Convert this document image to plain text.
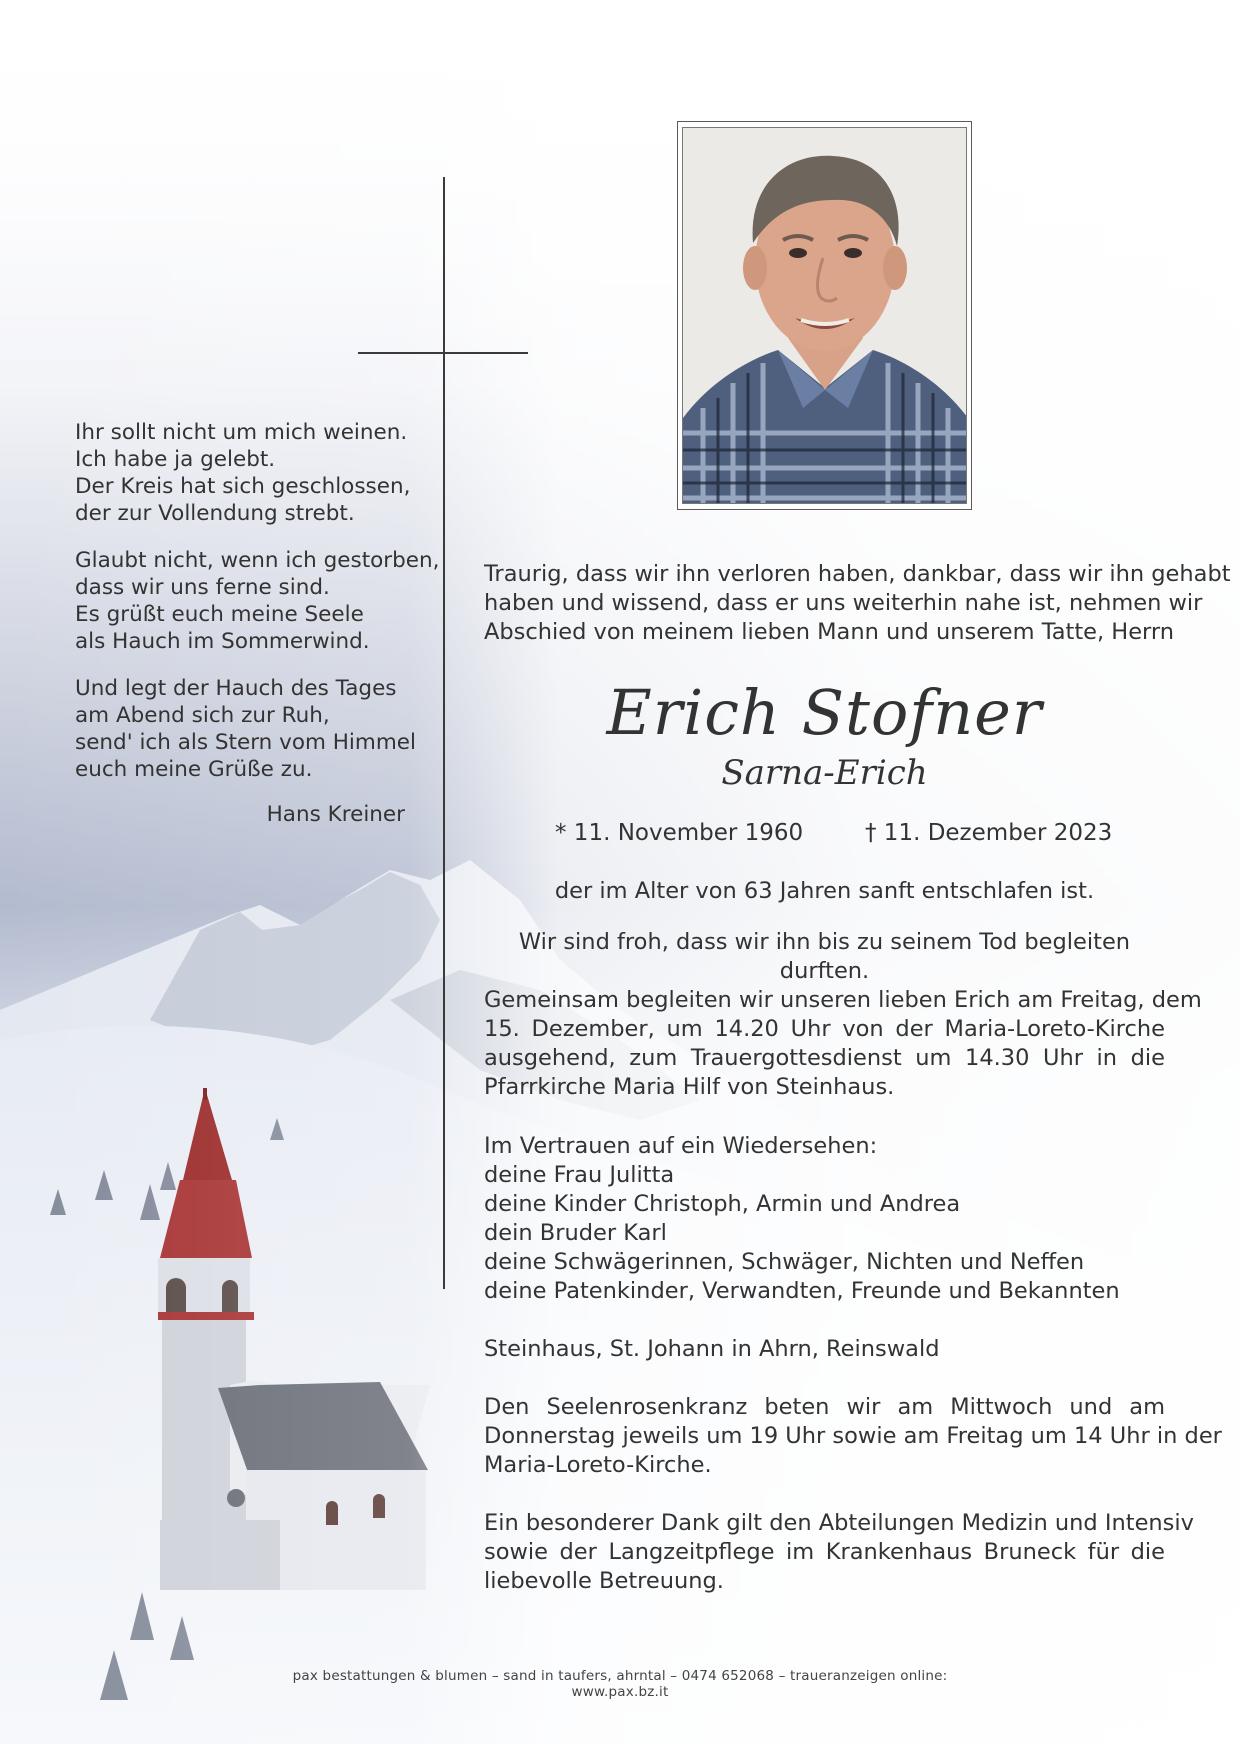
Ihr sollt nicht um mich weinen.
Ich habe ja gelebt.
Der Kreis hat sich geschlossen,
der zur Vollendung strebt.
Glaubt nicht, wenn ich gestorben,
dass wir uns ferne sind.
Es grüßt euch meine Seele
als Hauch im Sommerwind.
Und legt der Hauch des Tages
am Abend sich zur Ruh,
send' ich als Stern vom Himmel
euch meine Grüße zu.
Hans Kreiner
Traurig, dass wir ihn verloren haben, dankbar, dass wir ihn gehabt
haben und wissend, dass er uns weiterhin nahe ist, nehmen wir
Abschied von meinem lieben Mann und unserem Tatte, Herrn
Erich Stofner
Sarna-Erich
* 11. November 1960	† 11. Dezember 2023
der im Alter von 63 Jahren sanft entschlafen ist.
Wir sind froh, dass wir ihn bis zu seinem Tod begleiten durften.
Gemeinsam begleiten wir unseren lieben Erich am Freitag, dem
15. Dezember, um 14.20 Uhr von der Maria-Loreto-Kirche
ausgehend, zum Trauergottesdienst um 14.30 Uhr in die
Pfarrkirche Maria Hilf von Steinhaus.
Im Vertrauen auf ein Wiedersehen:
deine Frau Julitta
deine Kinder Christoph, Armin und Andrea
dein Bruder Karl
deine Schwägerinnen, Schwäger, Nichten und Neffen
deine Patenkinder, Verwandten, Freunde und Bekannten
Steinhaus, St. Johann in Ahrn, Reinswald
Den Seelenrosenkranz beten wir am Mittwoch und am
Donnerstag jeweils um 19 Uhr sowie am Freitag um 14 Uhr in der
Maria-Loreto-Kirche.
Ein besonderer Dank gilt den Abteilungen Medizin und Intensiv
sowie der Langzeitpflege im Krankenhaus Bruneck für die
liebevolle Betreuung.
pax bestattungen & blumen – sand in taufers, ahrntal – 0474 652068 – traueranzeigen online: www.pax.bz.it
